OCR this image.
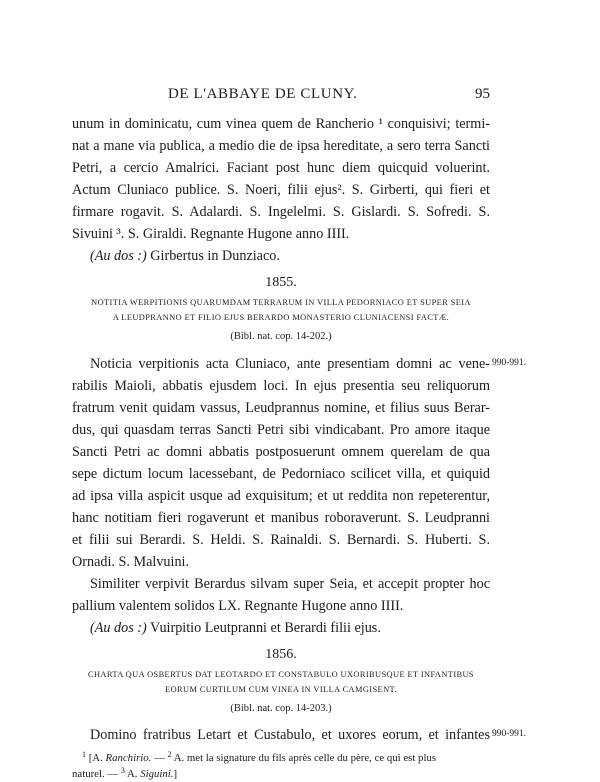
DE L'ABBAYE DE CLUNY.	95
unum in dominicatu, cum vinea quem de Rancherio ¹ conquisivi; termi-
nat a mane via publica, a medio die de ipsa hereditate, a sero terra Sancti
Petri, a cercio Amalrici. Faciant post hunc diem quicquid voluerint.
Actum Cluniaco publice. S. Noeri, filii ejus². S. Girberti, qui fieri et
firmare rogavit. S. Adalardi. S. Ingelelmi. S. Gislardi. S. Sofredi. S.
Sivuini ³. S. Giraldi. Regnante Hugone anno IIII.
(Au dos :) Girbertus in Dunziaco.
1855.
NOTITIA WERPITIONIS QUARUMDAM TERRARUM IN VILLA PEDORNIACO ET SUPER SEIA
A LEUDPRANNO ET FILIO EJUS BERARDO MONASTERIO CLUNIACENSI FACTÆ.
(Bibl. nat. cop. 14-202.)
Noticia verpitionis acta Cluniaco, ante presentiam domni ac vene- 990-991.
rabilis Maioli, abbatis ejusdem loci. In ejus presentia seu reliquorum
fratrum venit quidam vassus, Leudprannus nomine, et filius suus Berar-
dus, qui quasdam terras Sancti Petri sibi vindicabant. Pro amore itaque
Sancti Petri ac domni abbatis postposuerunt omnem querelam de qua
sepe dictum locum lacessebant, de Pedorniaco scilicet villa, et quiquid
ad ipsa villa aspicit usque ad exquisitum; et ut reddita non repeterentur,
hanc notitiam fieri rogaverunt et manibus roboraverunt. S. Leudpranni
et filii sui Berardi. S. Heldi. S. Rainaldi. S. Bernardi. S. Huberti. S.
Ornadi. S. Malvuini.
Similiter verpivit Berardus silvam super Seia, et accepit propter hoc
pallium valentem solidos LX. Regnante Hugone anno IIII.
(Au dos :) Vuirpitio Leutpranni et Berardi filii ejus.
1856.
CHARTA QUA OSBERTUS DAT LEOTARDO ET CONSTABULO UXORIBUSQUE ET INFANTIBUS
EORUM CURTILUM CUM VINEA IN VILLA CAMGISENT.
(Bibl. nat. cop. 14-203.)
Domino fratribus Letart et Custabulo, et uxores eorum, et infantes 990-991.
$^1$ [A. Ranchirio. — $^2$ A. met la signature du fils après celle du père, ce qui est plus
naturel. — $^3$ A. Siguini.]
